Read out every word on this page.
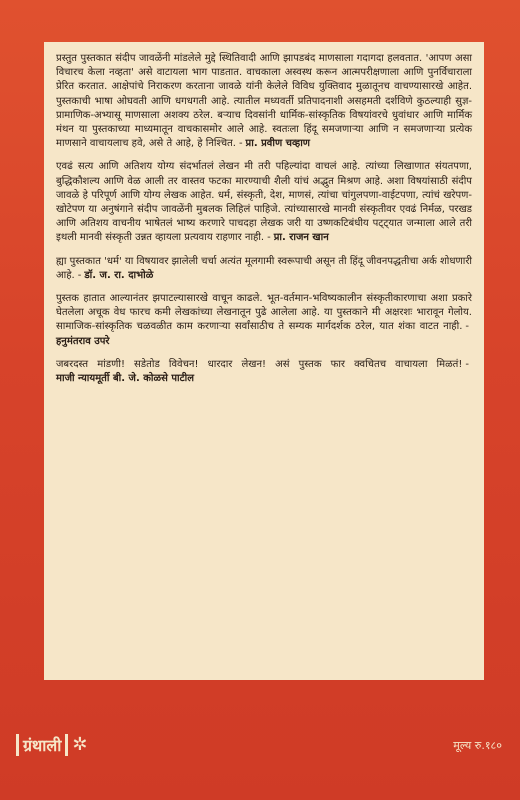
प्रस्तुत पुस्तकात संदीप जावळेंनी मांडलेले मुद्दे स्थितिवादी आणि झापडबंद माणसाला गदागदा हलवतात. 'आपण असा विचारच केला नव्हता' असे वाटायला भाग पाडतात. वाचकाला अस्वस्थ करून आत्मपरीक्षणाला आणि पुनर्विचाराला प्रेरित करतात. आक्षेपांचे निराकरण करताना जावळे यांनी केलेले विविध युक्तिवाद मुळातूनच वाचण्यासारखे आहेत. पुस्तकाची भाषा ओघवती आणि धगधगती आहे. त्यातील मध्यवर्ती प्रतिपादनाशी असहमती दर्शविणे कुठल्याही सुज्ञ-प्रामाणिक-अभ्यासू माणसाला अशक्य ठरेल. बऱ्याच दिवसांनी धार्मिक-सांस्कृतिक विषयांवरचे धुवांधार आणि मार्मिक मंथन या पुस्तकाच्या माध्यमातून वाचकासमोर आले आहे. स्वतःला हिंदू समजणाऱ्या आणि न समजणाऱ्या प्रत्येक माणसाने वाचायलाच हवे, असे ते आहे, हे निश्चित. - प्रा. प्रवीण चव्हाण

एवढं सत्य आणि अतिशय योग्य संदर्भातलं लेखन मी तरी पहिल्यांदा वाचलं आहे. त्यांच्या लिखाणात संयतपणा, बुद्धिकौशल्य आणि वेळ आली तर वास्तव फटका मारण्याची शैली यांचं अद्भुत मिश्रण आहे. अशा विषयांसाठी संदीप जावळे हे परिपूर्ण आणि योग्य लेखक आहेत. धर्म, संस्कृती, देश, माणसं, त्यांचा चांगुलपणा-वाईटपणा, त्यांचं खरेपण-खोटेपण या अनुषंगाने संदीप जावळेंनी मुबलक लिहिलं पाहिजे. त्यांच्यासारखे मानवी संस्कृतीवर एवढं निर्मळ, परखड आणि अतिशय वाचनीय भाषेतलं भाष्य करणारे पाचदहा लेखक जरी या उष्णकटिबंधीय पट्ट्यात जन्माला आले तरी इथली मानवी संस्कृती उन्नत व्हायला प्रत्यवाय राहणार नाही. - प्रा. राजन खान

ह्या पुस्तकात 'धर्म' या विषयावर झालेली चर्चा अत्यंत मूलगामी स्वरूपाची असून ती हिंदू जीवनपद्धतीचा अर्क शोधणारी आहे. - डॉ. ज. रा. दाभोळे

पुस्तक हातात आल्यानंतर झपाटल्यासारखे वाचून काढले. भूत-वर्तमान-भविष्यकालीन संस्कृतीकारणाचा अशा प्रकारे घेतलेला अचूक वेध फारच कमी लेखकांच्या लेखनातून पुढे आलेला आहे. या पुस्तकाने मी अक्षरशः भारावून गेलोय. सामाजिक-सांस्कृतिक चळवळीत काम करणाऱ्या सर्वांसाठीच ते सम्यक मार्गदर्शक ठरेल, यात शंका वाटत नाही. -हनुमंतराव उपरे

जबरदस्त मांडणी! सडेतोड विवेचन! धारदार लेखन! असं पुस्तक फार क्वचितच वाचायला मिळतं! -माजी न्यायमूर्ती बी. जे. कोळसे पाटील
ग्रंथाली ✲	मूल्य रु.१८०
